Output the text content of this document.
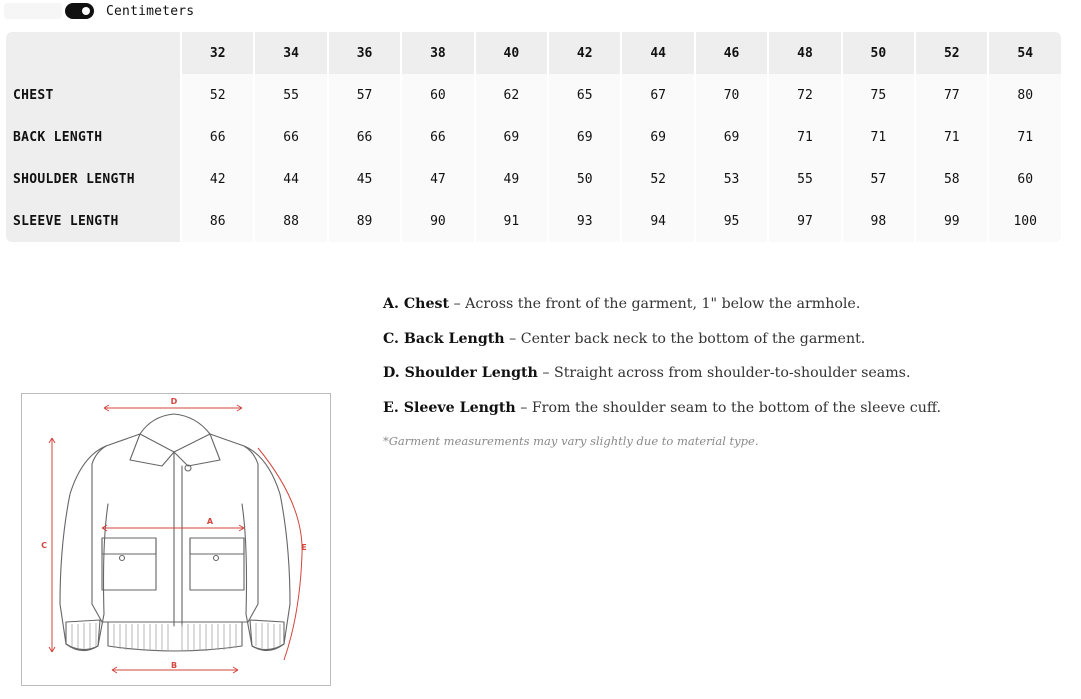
Centimeters
	32	34	36	38	40	42	44	46	48	50	52	54
CHEST	52	55	57	60	62	65	67	70	72	75	77	80
BACK LENGTH	66	66	66	66	69	69	69	69	71	71	71	71
SHOULDER LENGTH	42	44	45	47	49	50	52	53	55	57	58	60
SLEEVE LENGTH	86	88	89	90	91	93	94	95	97	98	99	100
D
C
A
B
E
A. Chest – Across the front of the garment, 1" below the armhole.
C. Back Length – Center back neck to the bottom of the garment.
D. Shoulder Length – Straight across from shoulder-to-shoulder seams.
E. Sleeve Length – From the shoulder seam to the bottom of the sleeve cuff.
*Garment measurements may vary slightly due to material type.
